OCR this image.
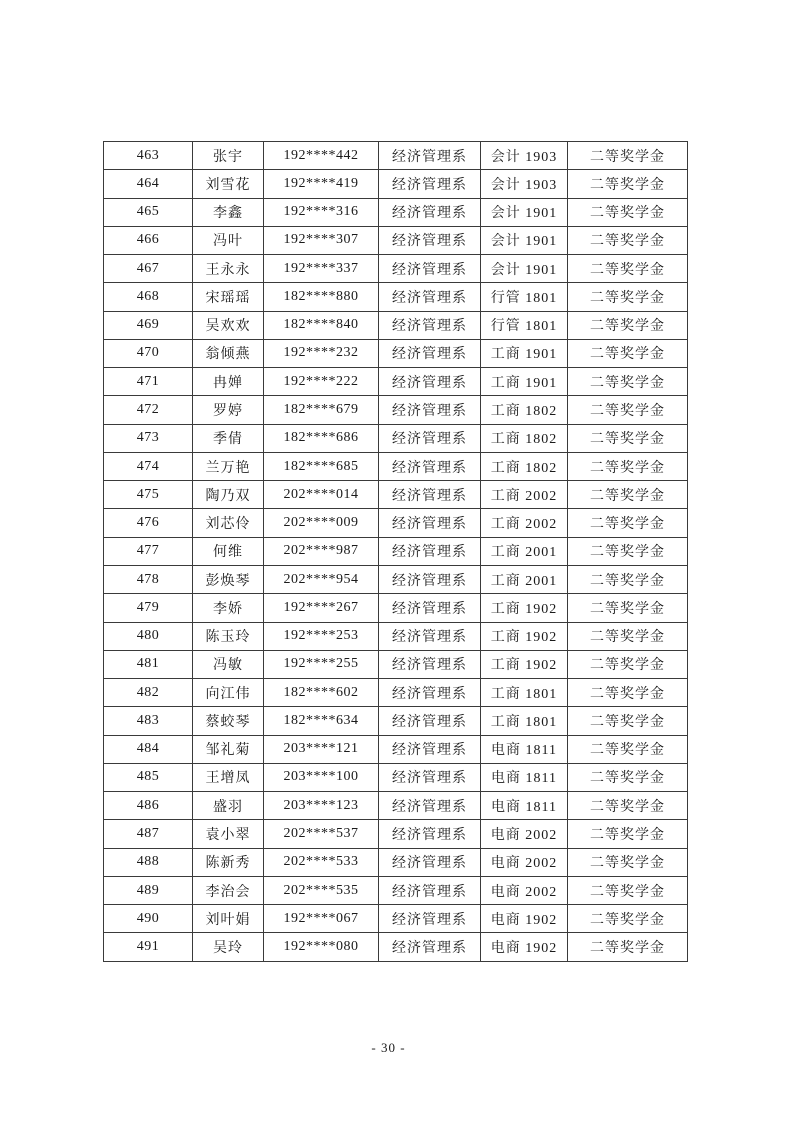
463	张宇	192****442	经济管理系	会计 1903	二等奖学金
464	刘雪花	192****419	经济管理系	会计 1903	二等奖学金
465	李鑫	192****316	经济管理系	会计 1901	二等奖学金
466	冯叶	192****307	经济管理系	会计 1901	二等奖学金
467	王永永	192****337	经济管理系	会计 1901	二等奖学金
468	宋瑶瑶	182****880	经济管理系	行管 1801	二等奖学金
469	吴欢欢	182****840	经济管理系	行管 1801	二等奖学金
470	翁倾燕	192****232	经济管理系	工商 1901	二等奖学金
471	冉婵	192****222	经济管理系	工商 1901	二等奖学金
472	罗婷	182****679	经济管理系	工商 1802	二等奖学金
473	季倩	182****686	经济管理系	工商 1802	二等奖学金
474	兰万艳	182****685	经济管理系	工商 1802	二等奖学金
475	陶乃双	202****014	经济管理系	工商 2002	二等奖学金
476	刘芯伶	202****009	经济管理系	工商 2002	二等奖学金
477	何维	202****987	经济管理系	工商 2001	二等奖学金
478	彭焕琴	202****954	经济管理系	工商 2001	二等奖学金
479	李娇	192****267	经济管理系	工商 1902	二等奖学金
480	陈玉玲	192****253	经济管理系	工商 1902	二等奖学金
481	冯敏	192****255	经济管理系	工商 1902	二等奖学金
482	向江伟	182****602	经济管理系	工商 1801	二等奖学金
483	蔡蛟琴	182****634	经济管理系	工商 1801	二等奖学金
484	邹礼菊	203****121	经济管理系	电商 1811	二等奖学金
485	王增凤	203****100	经济管理系	电商 1811	二等奖学金
486	盛羽	203****123	经济管理系	电商 1811	二等奖学金
487	袁小翠	202****537	经济管理系	电商 2002	二等奖学金
488	陈新秀	202****533	经济管理系	电商 2002	二等奖学金
489	李治会	202****535	经济管理系	电商 2002	二等奖学金
490	刘叶娟	192****067	经济管理系	电商 1902	二等奖学金
491	吴玲	192****080	经济管理系	电商 1902	二等奖学金
- 30 -
